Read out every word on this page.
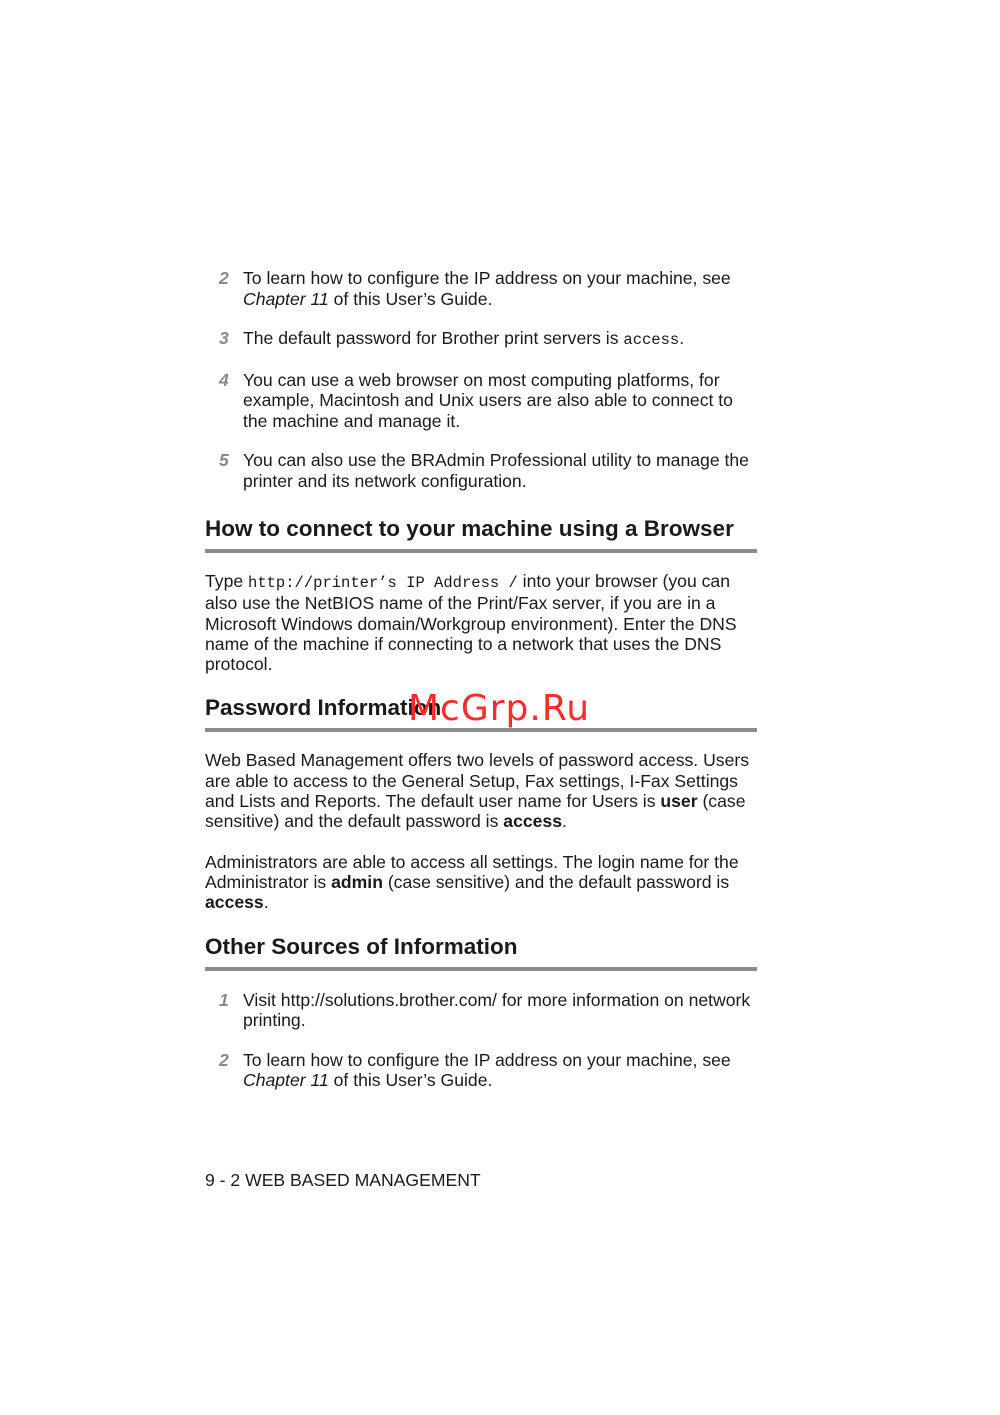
2 To learn how to configure the IP address on your machine, see
Chapter 11 of this User’s Guide.
3 The default password for Brother print servers is access.
4 You can use a web browser on most computing platforms, for example, Macintosh and Unix users are also able to connect to the machine and manage it.
5 You can also use the BRAdmin Professional utility to manage the printer and its network configuration.
How to connect to your machine using a Browser

Type http://printer’s IP Address / into your browser (you can also use the NetBIOS name of the Print/Fax server, if you are in a Microsoft Windows domain/Workgroup environment). Enter the DNS name of the machine if connecting to a network that uses the DNS protocol.

Password Information

Web Based Management offers two levels of password access. Users are able to access to the General Setup, Fax settings, I-Fax Settings and Lists and Reports. The default user name for Users is user (case sensitive) and the default password is access.

Administrators are able to access all settings. The login name for the Administrator is admin (case sensitive) and the default password is access.

Other Sources of Information
1 Visit http://solutions.brother.com/ for more information on network printing.
2 To learn how to configure the IP address on your machine, see
Chapter 11 of this User’s Guide.
9 - 2 WEB BASED MANAGEMENT
McGrp.Ru
